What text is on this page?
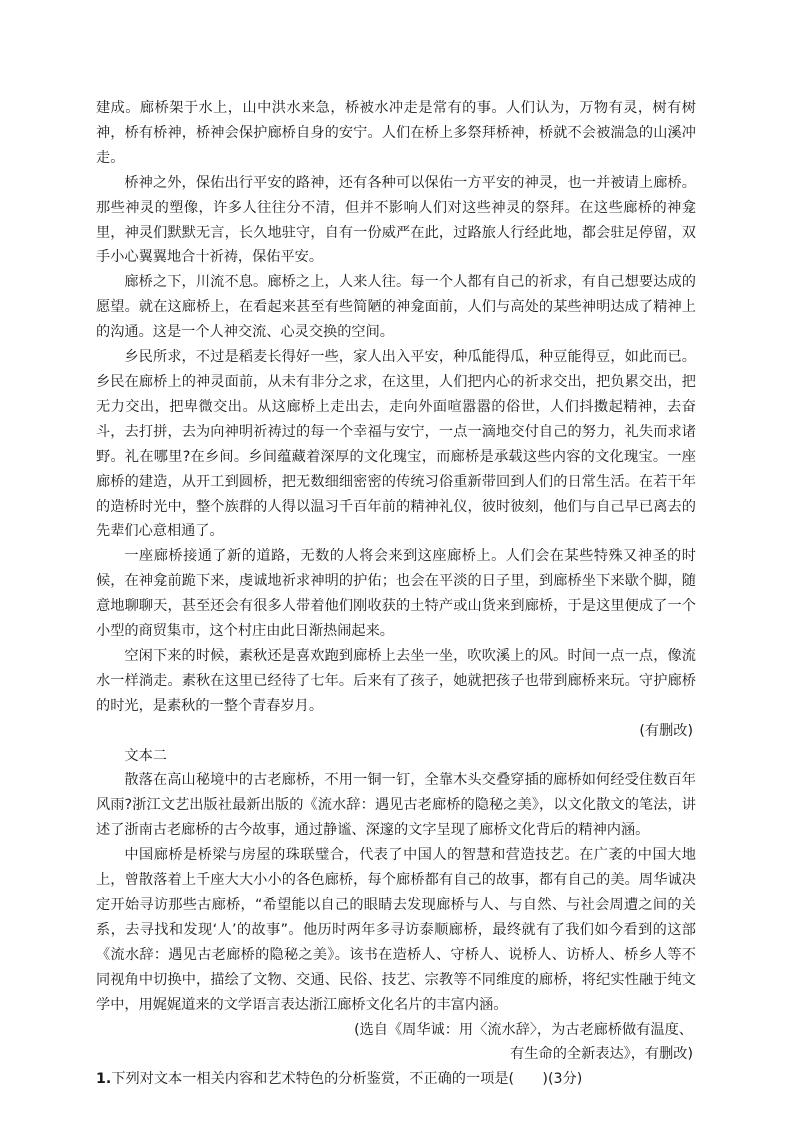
建成。廊桥架于水上，山中洪水来急，桥被水冲走是常有的事。人们认为，万物有灵，树有树神，桥有桥神，桥神会保护廊桥自身的安宁。人们在桥上多祭拜桥神，桥就不会被湍急的山溪冲走。

桥神之外，保佑出行平安的路神，还有各种可以保佑一方平安的神灵，也一并被请上廊桥。那些神灵的塑像，许多人往往分不清，但并不影响人们对这些神灵的祭拜。在这些廊桥的神龛里，神灵们默默无言，长久地驻守，自有一份威严在此，过路旅人行经此地，都会驻足停留，双手小心翼翼地合十祈祷，保佑平安。

廊桥之下，川流不息。廊桥之上，人来人往。每一个人都有自己的祈求，有自己想要达成的愿望。就在这廊桥上，在看起来甚至有些简陋的神龛面前，人们与高处的某些神明达成了精神上的沟通。这是一个人神交流、心灵交换的空间。

乡民所求，不过是稻麦长得好一些，家人出入平安，种瓜能得瓜，种豆能得豆，如此而已。乡民在廊桥上的神灵面前，从未有非分之求，在这里，人们把内心的祈求交出，把负累交出，把无力交出，把卑微交出。从这廊桥上走出去，走向外面喧嚣嚣的俗世，人们抖擞起精神，去奋斗，去打拼，去为向神明祈祷过的每一个幸福与安宁，一点一滴地交付自己的努力，礼失而求诸野。礼在哪里?在乡间。乡间蕴藏着深厚的文化瑰宝，而廊桥是承载这些内容的文化瑰宝。一座廊桥的建造，从开工到圆桥，把无数细细密密的传统习俗重新带回到人们的日常生活。在若干年的造桥时光中，整个族群的人得以温习千百年前的精神礼仪，彼时彼刻，他们与自己早已离去的先辈们心意相通了。

一座廊桥接通了新的道路，无数的人将会来到这座廊桥上。人们会在某些特殊又神圣的时候，在神龛前跪下来，虔诚地祈求神明的护佑；也会在平淡的日子里，到廊桥坐下来歇个脚，随意地聊聊天，甚至还会有很多人带着他们刚收获的土特产或山货来到廊桥，于是这里便成了一个小型的商贸集市，这个村庄由此日渐热闹起来。

空闲下来的时候，素秋还是喜欢跑到廊桥上去坐一坐，吹吹溪上的风。时间一点一点，像流水一样淌走。素秋在这里已经待了七年。后来有了孩子，她就把孩子也带到廊桥来玩。守护廊桥的时光，是素秋的一整个青春岁月。

(有删改)

文本二

散落在高山秘境中的古老廊桥，不用一铜一钉，全靠木头交叠穿插的廊桥如何经受住数百年风雨?浙江文艺出版社最新出版的《流水辞：遇见古老廊桥的隐秘之美》，以文化散文的笔法，讲述了浙南古老廊桥的古今故事，通过静谧、深邃的文字呈现了廊桥文化背后的精神内涵。

中国廊桥是桥梁与房屋的珠联璧合，代表了中国人的智慧和营造技艺。在广袤的中国大地上，曾散落着上千座大大小小的各色廊桥，每个廊桥都有自己的故事，都有自己的美。周华诚决定开始寻访那些古廊桥，“希望能以自己的眼睛去发现廊桥与人、与自然、与社会周遭之间的关系，去寻找和发现‘人’的故事”。他历时两年多寻访泰顺廊桥，最终就有了我们如今看到的这部《流水辞：遇见古老廊桥的隐秘之美》。该书在造桥人、守桥人、说桥人、访桥人、桥乡人等不同视角中切换中，描绘了文物、交通、民俗、技艺、宗教等不同维度的廊桥，将纪实性融于纯文学中，用娓娓道来的文学语言表达浙江廊桥文化名片的丰富内涵。

(选自《周华诚：用〈流水辞〉，为古老廊桥做有温度、

有生命的全新表达》，有删改)

1.下列对文本一相关内容和艺术特色的分析鉴赏，不正确的一项是(　　)(3分)
